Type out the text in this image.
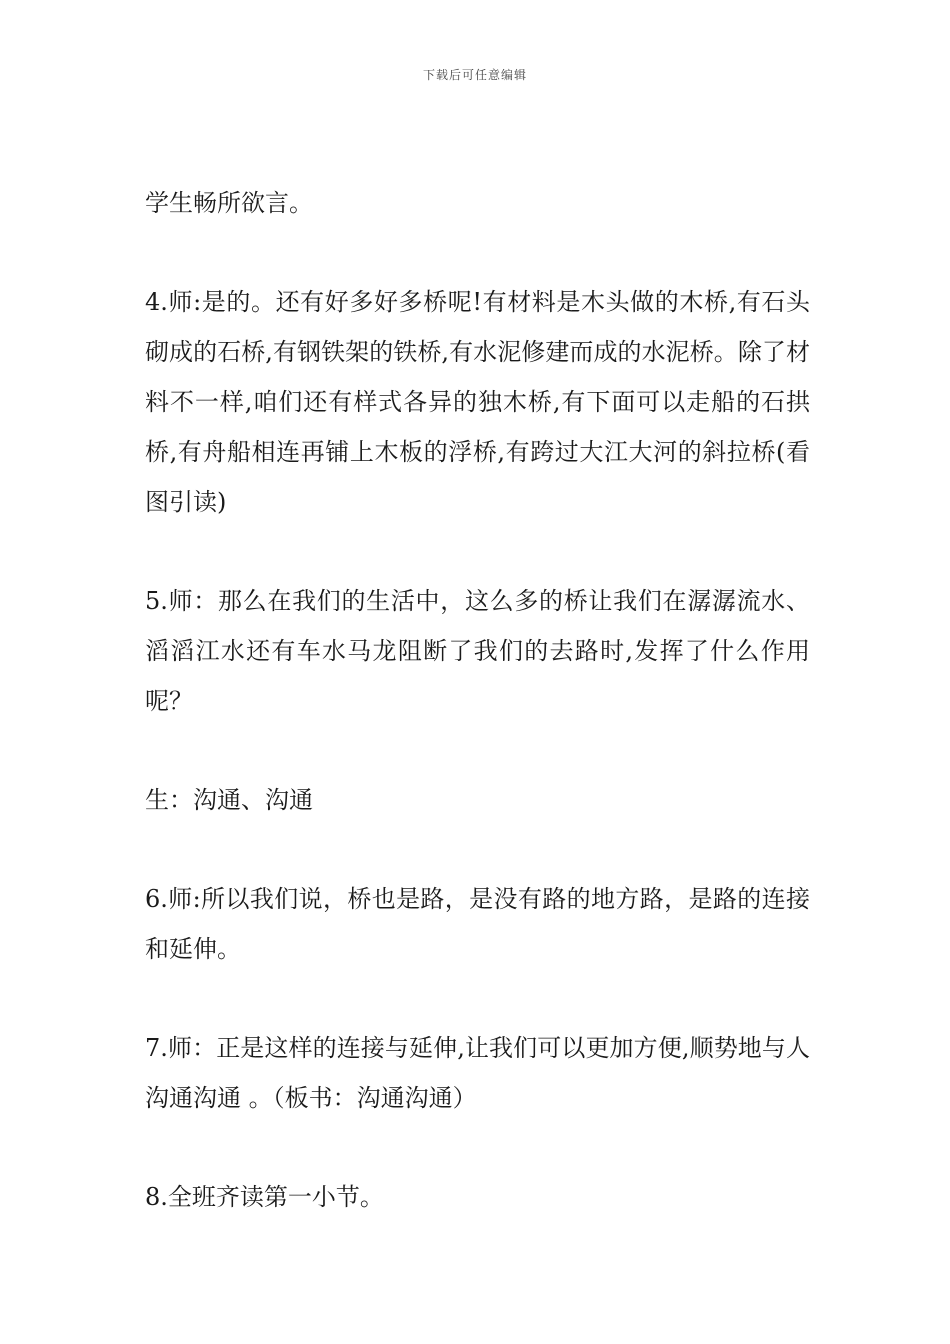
下载后可任意编辑

学生畅所欲言。

4.师:是的。还有好多好多桥呢!有材料是木头做的木桥,有石头砌成的石桥,有钢铁架的铁桥,有水泥修建而成的水泥桥。除了材料不一样,咱们还有样式各异的独木桥,有下面可以走船的石拱桥,有舟船相连再铺上木板的浮桥,有跨过大江大河的斜拉桥(看图引读)

5.师：那么在我们的生活中，这么多的桥让我们在潺潺流水、滔滔江水还有车水马龙阻断了我们的去路时,发挥了什么作用呢？

生：沟通、沟通

6.师:所以我们说，桥也是路，是没有路的地方路，是路的连接和延伸。

7.师：正是这样的连接与延伸,让我们可以更加方便,顺势地与人沟通沟通 。（板书：沟通沟通）

8.全班齐读第一小节。
